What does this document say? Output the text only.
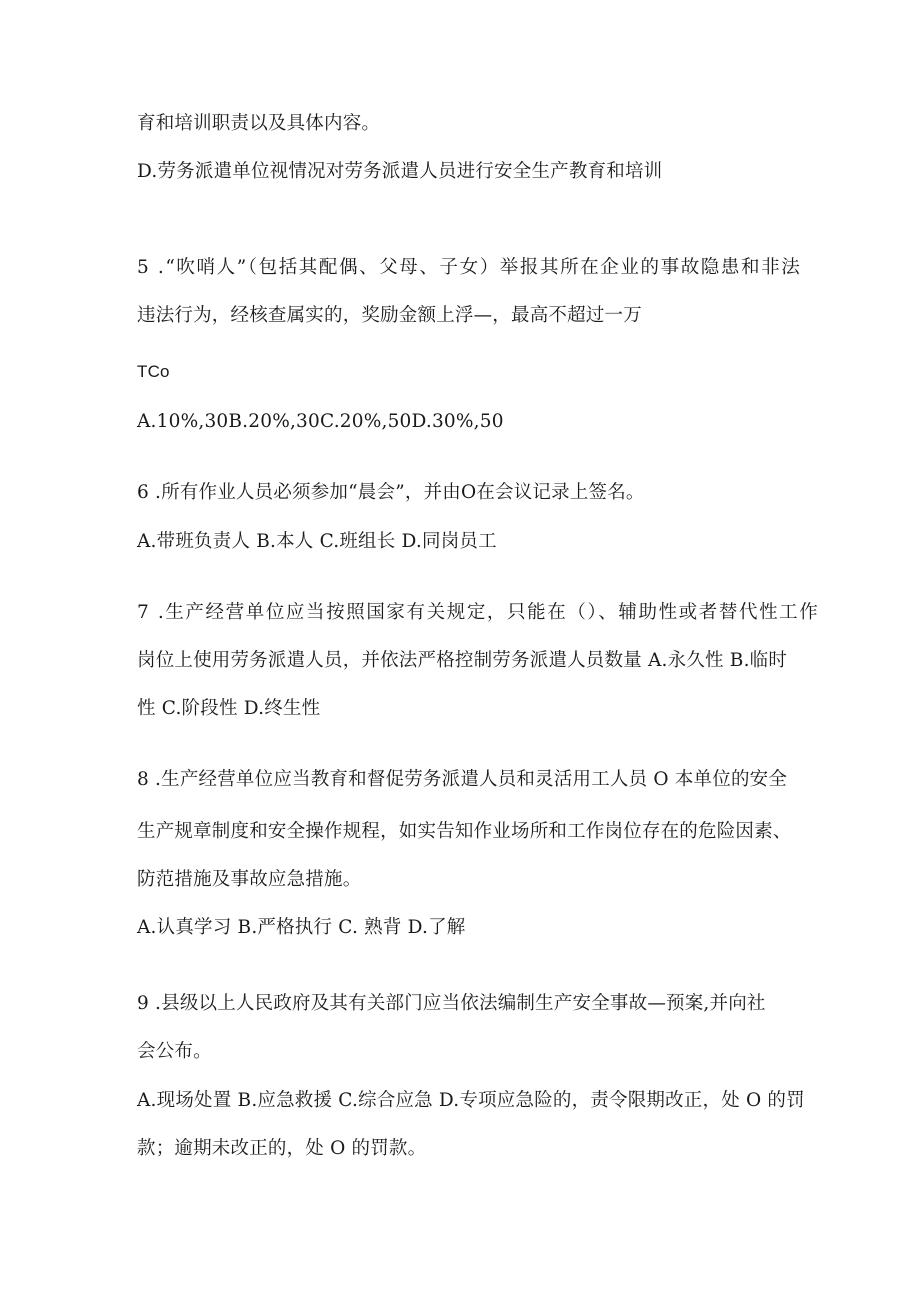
育和培训职责以及具体内容。
D.劳务派遣单位视情况对劳务派遣人员进行安全生产教育和培训
5 .“吹哨人”（包括其配偶、父母、子女）举报其所在企业的事故隐患和非法
违法行为，经核查属实的，奖励金额上浮—，最高不超过一万
TCo
A.10%,30B.20%,30C.20%,50D.30%,50
6 .所有作业人员必须参加“晨会”，并由O在会议记录上签名。
A.带班负责人 B.本人 C.班组长 D.同岗员工
7 .生产经营单位应当按照国家有关规定，只能在（）、辅助性或者替代性工作
岗位上使用劳务派遣人员，并依法严格控制劳务派遣人员数量 A.永久性 B.临时
性 C.阶段性 D.终生性
8 .生产经营单位应当教育和督促劳务派遣人员和灵活用工人员 O 本单位的安全
生产规章制度和安全操作规程，如实告知作业场所和工作岗位存在的危险因素、
防范措施及事故应急措施。
A.认真学习 B.严格执行 C. 熟背 D.了解
9 .县级以上人民政府及其有关部门应当依法编制生产安全事故—预案,并向社
会公布。
A.现场处置 B.应急救援 C.综合应急 D.专项应急险的，责令限期改正，处 O 的罚
款；逾期未改正的，处 O 的罚款。
